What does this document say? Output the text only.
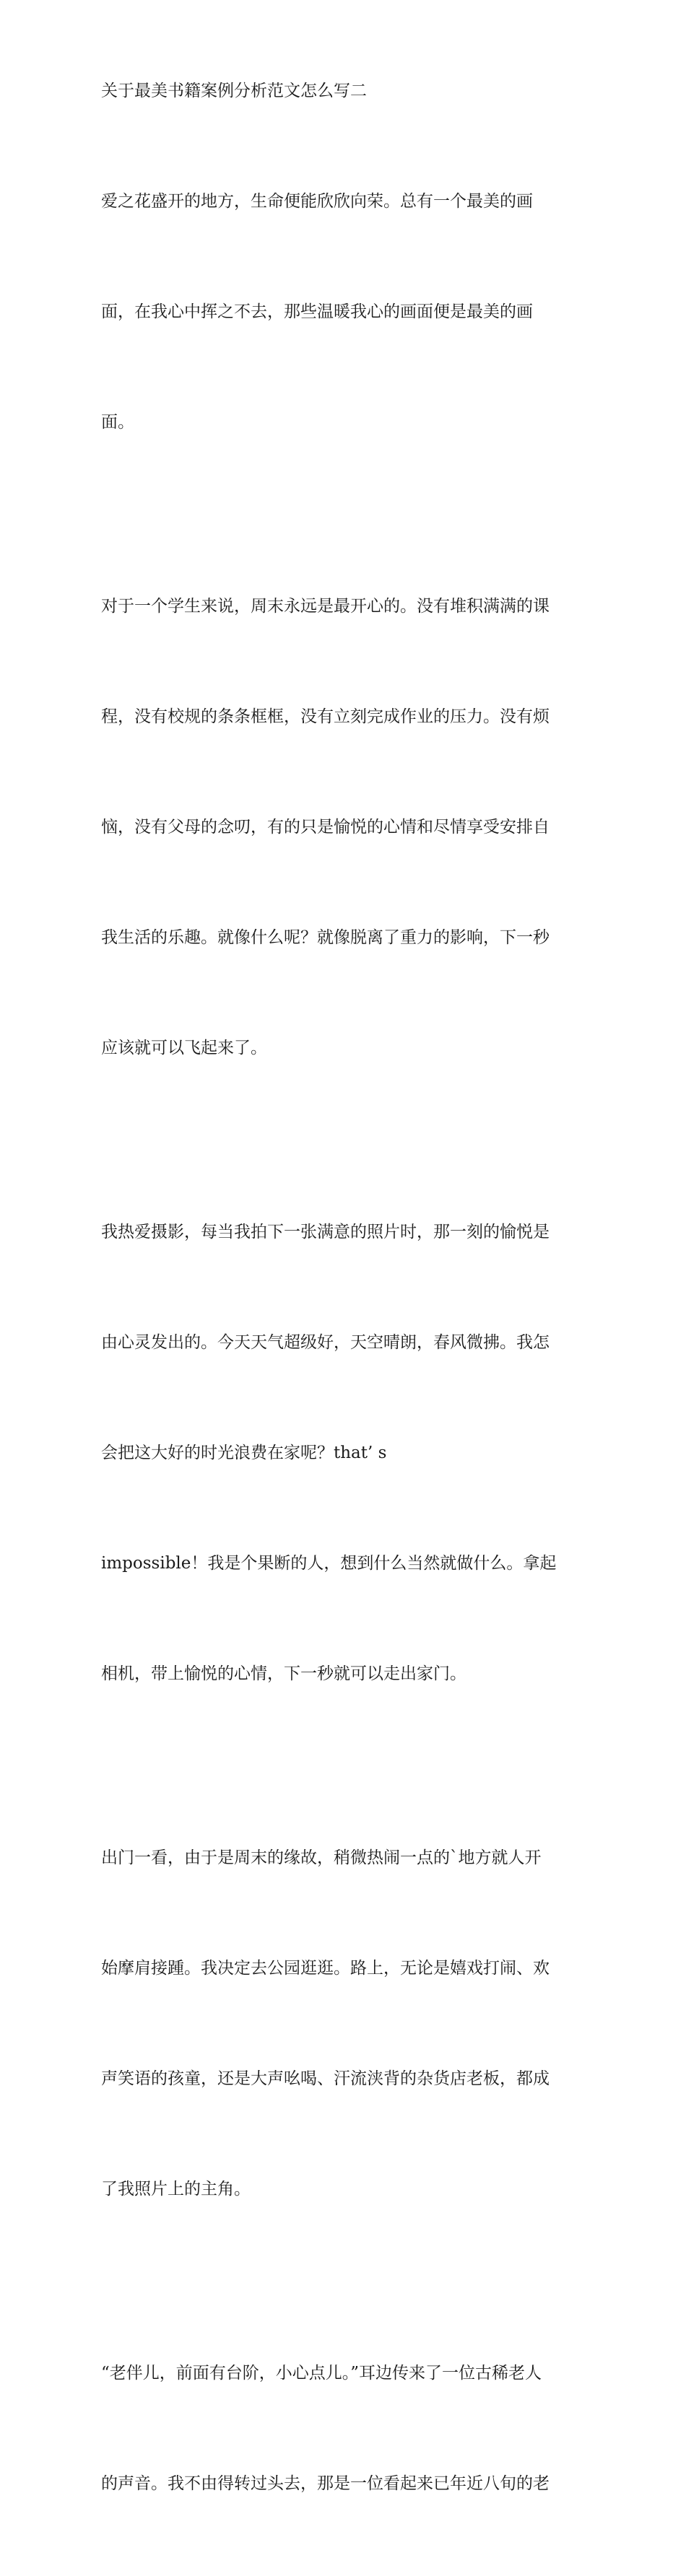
关于最美书籍案例分析范文怎么写二

爱之花盛开的地方，生命便能欣欣向荣。总有一个最美的画

面，在我心中挥之不去，那些温暖我心的画面便是最美的画

面。

对于一个学生来说，周末永远是最开心的。没有堆积满满的课

程，没有校规的条条框框，没有立刻完成作业的压力。没有烦

恼，没有父母的念叨，有的只是愉悦的心情和尽情享受安排自

我生活的乐趣。就像什么呢？就像脱离了重力的影响，下一秒

应该就可以飞起来了。

我热爱摄影，每当我拍下一张满意的照片时，那一刻的愉悦是

由心灵发出的。今天天气超级好，天空晴朗，春风微拂。我怎

会把这大好的时光浪费在家呢？that’ s

impossible！我是个果断的人，想到什么当然就做什么。拿起

相机，带上愉悦的心情，下一秒就可以走出家门。

出门一看，由于是周末的缘故，稍微热闹一点的`地方就人开

始摩肩接踵。我决定去公园逛逛。路上，无论是嬉戏打闹、欢

声笑语的孩童，还是大声吆喝、汗流浃背的杂货店老板，都成

了我照片上的主角。

“老伴儿，前面有台阶，小心点儿。”耳边传来了一位古稀老人

的声音。我不由得转过头去，那是一位看起来已年近八旬的老
